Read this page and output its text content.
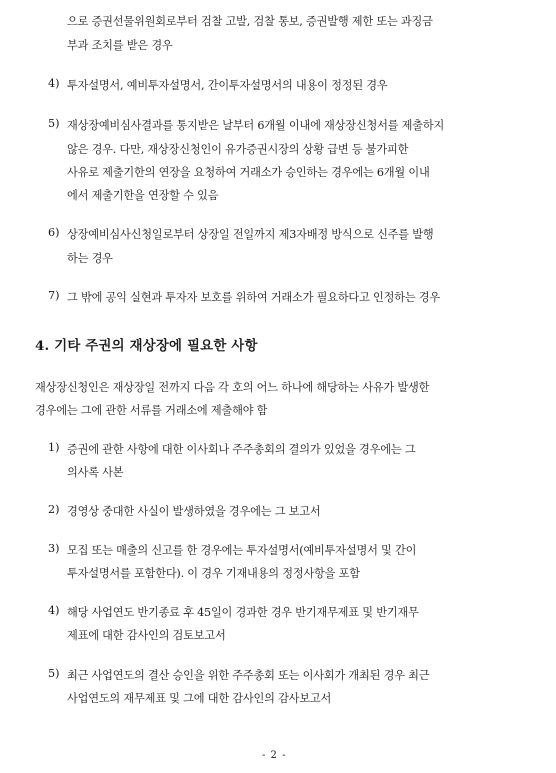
으로 증권선물위원회로부터 검찰 고발, 검찰 통보, 증권발행 제한 또는 과징금
부과 조치를 받은 경우
4) 투자설명서, 예비투자설명서, 간이투자설명서의 내용이 정정된 경우
5) 재상장예비심사결과를 통지받은 날부터 6개월 이내에 재상장신청서를 제출하지
않은 경우. 다만, 재상장신청인이 유가증권시장의 상황 급변 등 불가피한
사유로 제출기한의 연장을 요청하여 거래소가 승인하는 경우에는 6개월 이내
에서 제출기한을 연장할 수 있음
6) 상장예비심사신청일로부터 상장일 전일까지 제3자배정 방식으로 신주를 발행
하는 경우
7) 그 밖에 공익 실현과 투자자 보호를 위하여 거래소가 필요하다고 인정하는 경우
4. 기타 주권의 재상장에 필요한 사항
재상장신청인은 재상장일 전까지 다음 각 호의 어느 하나에 해당하는 사유가 발생한
경우에는 그에 관한 서류를 거래소에 제출해야 함
1) 증권에 관한 사항에 대한 이사회나 주주총회의 결의가 있었을 경우에는 그
의사록 사본
2) 경영상 중대한 사실이 발생하였을 경우에는 그 보고서
3) 모집 또는 매출의 신고를 한 경우에는 투자설명서(예비투자설명서 및 간이
투자설명서를 포함한다). 이 경우 기재내용의 정정사항을 포함
4) 해당 사업연도 반기종료 후 45일이 경과한 경우 반기재무제표 및 반기재무
제표에 대한 감사인의 검토보고서
5) 최근 사업연도의 결산 승인을 위한 주주총회 또는 이사회가 개최된 경우 최근
사업연도의 재무제표 및 그에 대한 감사인의 감사보고서
- 2 -
